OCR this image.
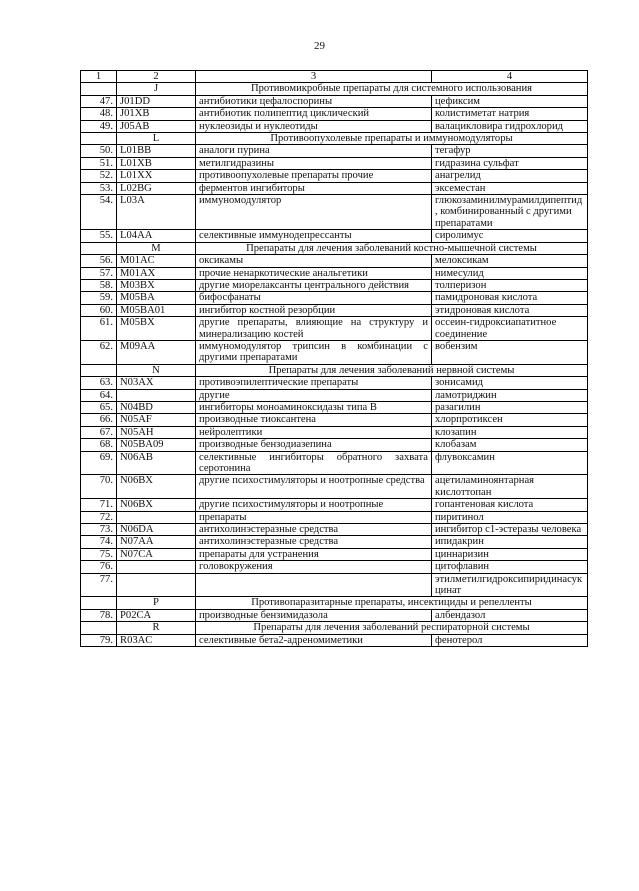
29
1	2	3	4
	J	Противомикробные препараты для системного использования	
47.	J01DD	антибиотики цефалоспорины	цефиксим
48.	J01XB	антибиотик полипептид циклический	колистиметат натрия
49.	J05AB	нуклеозиды и нуклеотиды	валацикловира гидрохлорид
	L	Противоопухолевые препараты и иммуномодуляторы	
50.	L01BB	аналоги пурина	тегафур
51.	L01XB	метилгидразины	гидразина сульфат
52.	L01XX	противоопухолевые препараты прочие	анагрелид
53.	L02BG	ферментов ингибиторы	эксеместан
54.	L03A	иммуномодулятор	глюкозаминилмурамилдипептид, комбинированный с другими препаратами
55.	L04AA	селективные иммунодепрессанты	сиролимус
	M	Препараты для лечения заболеваний костно-мышечной системы	
56.	M01AC	оксикамы	мелоксикам
57.	M01AX	прочие ненаркотические анальгетики	нимесулид
58.	M03BX	другие миорелаксанты центрального действия	толперизон
59.	M05BA	бифосфанаты	памидроновая кислота
60.	M05BA01	ингибитор костной резорбции	этидроновая кислота
61.	M05BX	другие препараты, влияющие на структуру и минерализацию костей	оссеин-гидроксиапатитное соединение
62.	M09AA	иммуномодулятор трипсин в комбинации с другими препаратами	вобензим
	N	Препараты для лечения заболеваний нервной системы	
63.	N03AX	противоэпилептические препараты	зонисамид
64.		другие	ламотриджин
65.	N04BD	ингибиторы моноаминоксидазы типа В	разагилин
66.	N05AF	производные тиоксантена	хлорпротиксен
67.	N05AH	нейролептики	клозапин
68.	N05BA09	производные бензодиазепина	клобазам
69.	N06AB	селективные ингибиторы обратного захвата серотонина	флувоксамин
70.	N06BX	другие психостимуляторы и ноотропные средства	ацетиламиноянтарная кислоттопан
71.	N06BX	другие психостимуляторы и ноотропные	гопантеновая кислота
72.		препараты	пиритинол
73.	N06DA	антихолинэстеразные средства	ингибитор с1-эстеразы человека
74.	N07AA	антихолинэстеразные средства	ипидакрин
75.	N07CA	препараты для устранения	циннаризин
76.		головокружения	цитофлавин
77.			этилметилгидроксипиридинасукцинат
	P	Противопаразитарные препараты, инсектициды и репелленты	
78.	P02CA	производные бензимидазола	албендазол
	R	Препараты для лечения заболеваний респираторной системы	
79.	R03AC	селективные бета2-адреномиметики	фенотерол
